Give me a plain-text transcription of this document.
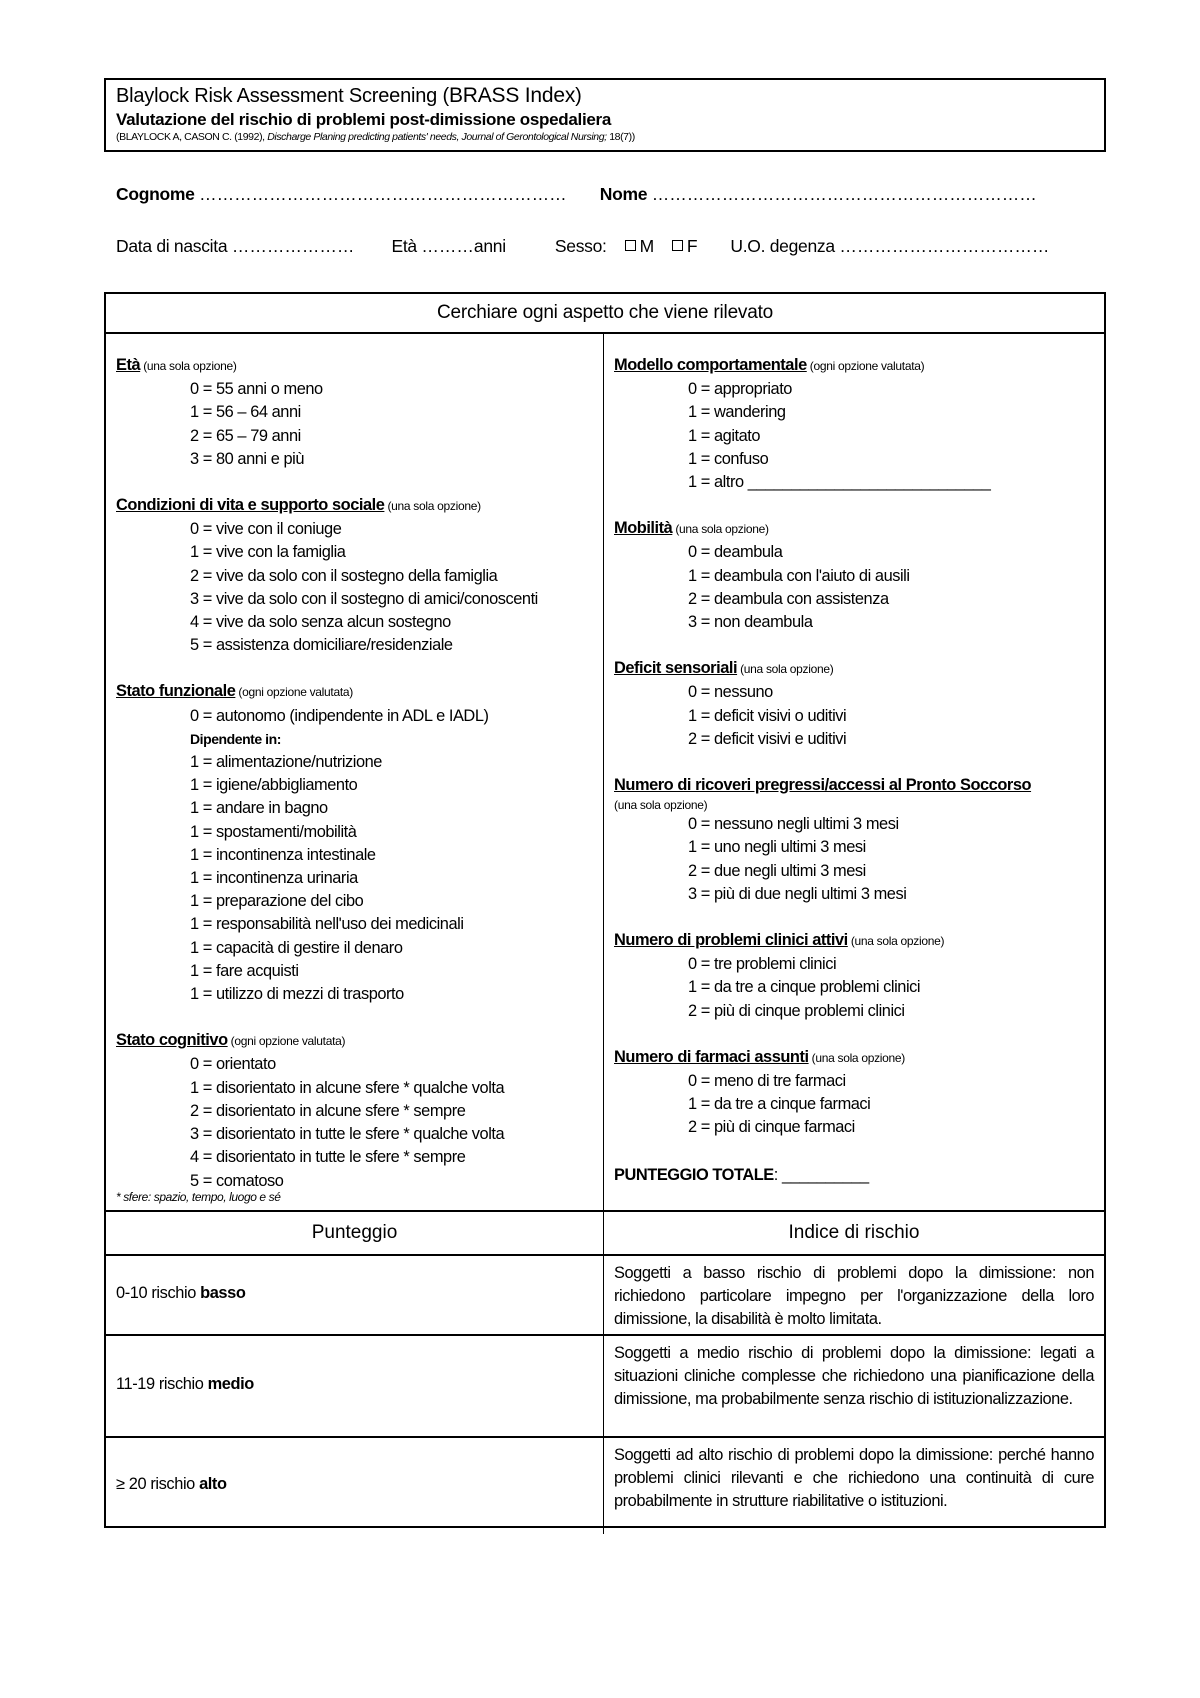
Blaylock Risk Assessment Screening (BRASS Index)
Valutazione del rischio di problemi post-dimissione ospedaliera
(BLAYLOCK A, CASON C. (1992), Discharge Planing predicting patients' needs, Journal of Gerontological Nursing; 18(7))
Cognome ……………………………………………………… Nome …………………………………………………………
Data di nascita ………………… Età ………anni	Sesso: M F U.O. degenza ………………………………
Cerchiare ogni aspetto che viene rilevato
Età (una sola opzione)
0 = 55 anni o meno
1 = 56 – 64 anni
2 = 65 – 79 anni
3 = 80 anni e più
Condizioni di vita e supporto sociale (una sola opzione)
0 = vive con il coniuge
1 = vive con la famiglia
2 = vive da solo con il sostegno della famiglia
3 = vive da solo con il sostegno di amici/conoscenti
4 = vive da solo senza alcun sostegno
5 = assistenza domiciliare/residenziale
Stato funzionale (ogni opzione valutata)
0 = autonomo (indipendente in ADL e IADL)
Dipendente in:
1 = alimentazione/nutrizione
1 = igiene/abbigliamento
1 = andare in bagno
1 = spostamenti/mobilità
1 = incontinenza intestinale
1 = incontinenza urinaria
1 = preparazione del cibo
1 = responsabilità nell'uso dei medicinali
1 = capacità di gestire il denaro
1 = fare acquisti
1 = utilizzo di mezzi di trasporto
Stato cognitivo (ogni opzione valutata)
0 = orientato
1 = disorientato in alcune sfere * qualche volta
2 = disorientato in alcune sfere * sempre
3 = disorientato in tutte le sfere * qualche volta
4 = disorientato in tutte le sfere * sempre
5 = comatoso
Modello comportamentale (ogni opzione valutata)
0 = appropriato
1 = wandering
1 = agitato
1 = confuso
1 = altro ____________________________
Mobilità (una sola opzione)
0 = deambula
1 = deambula con l'aiuto di ausili
2 = deambula con assistenza
3 = non deambula
Deficit sensoriali (una sola opzione)
0 = nessuno
1 = deficit visivi o uditivi
2 = deficit visivi e uditivi
Numero di ricoveri pregressi/accessi al Pronto Soccorso
(una sola opzione)
0 = nessuno negli ultimi 3 mesi
1 = uno negli ultimi 3 mesi
2 = due negli ultimi 3 mesi
3 = più di due negli ultimi 3 mesi
Numero di problemi clinici attivi (una sola opzione)
0 = tre problemi clinici
1 = da tre a cinque problemi clinici
2 = più di cinque problemi clinici
Numero di farmaci assunti (una sola opzione)
0 = meno di tre farmaci
1 = da tre a cinque farmaci
2 = più di cinque farmaci
* sfere: spazio, tempo, luogo e sé
PUNTEGGIO TOTALE: __________
Punteggio	Indice di rischio
0-10 rischio basso
Soggetti a basso rischio di problemi dopo la dimissione: non richiedono particolare impegno per l'organizzazione della loro dimissione, la disabilità è molto limitata.
11-19 rischio medio
Soggetti a medio rischio di problemi dopo la dimissione: legati a situazioni cliniche complesse che richiedono una pianificazione della dimissione, ma probabilmente senza rischio di istituzionalizzazione.
≥ 20 rischio alto
Soggetti ad alto rischio di problemi dopo la dimissione: perché hanno problemi clinici rilevanti e che richiedono una continuità di cure probabilmente in strutture riabilitative o istituzioni.
